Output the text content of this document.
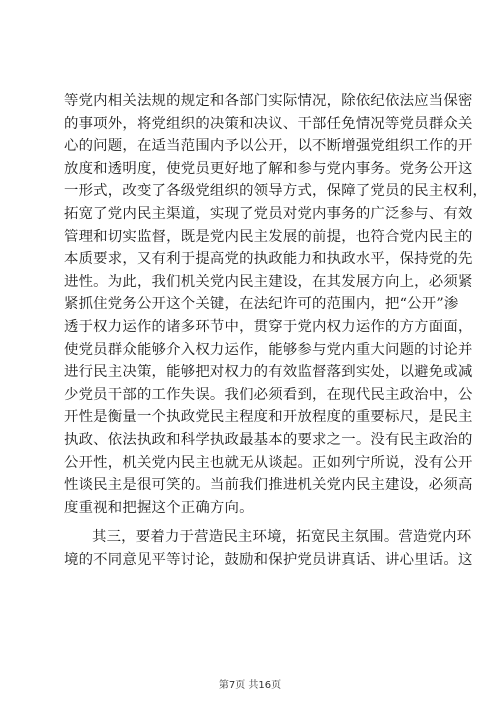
等党内相关法规的规定和各部门实际情况，除依纪依法应当保密
的事项外，将党组织的决策和决议、干部任免情况等党员群众关
心的问题，在适当范围内予以公开，以不断增强党组织工作的开
放度和透明度，使党员更好地了解和参与党内事务。党务公开这
一形式，改变了各级党组织的领导方式，保障了党员的民主权利，
拓宽了党内民主渠道，实现了党员对党内事务的广泛参与、有效
管理和切实监督，既是党内民主发展的前提，也符合党内民主的
本质要求，又有利于提高党的执政能力和执政水平，保持党的先
进性。为此，我们机关党内民主建设，在其发展方向上，必须紧
紧抓住党务公开这个关键，在法纪许可的范围内，把“公开”渗
透于权力运作的诸多环节中，贯穿于党内权力运作的方方面面，
使党员群众能够介入权力运作，能够参与党内重大问题的讨论并
进行民主决策，能够把对权力的有效监督落到实处，以避免或减
少党员干部的工作失误。我们必须看到，在现代民主政治中，公
开性是衡量一个执政党民主程度和开放程度的重要标尺，是民主
执政、依法执政和科学执政最基本的要求之一。没有民主政治的
公开性，机关党内民主也就无从谈起。正如列宁所说，没有公开
性谈民主是很可笑的。当前我们推进机关党内民主建设，必须高
度重视和把握这个正确方向。
其三，要着力于营造民主环境，拓宽民主氛围。营造党内环
境的不同意见平等讨论，鼓励和保护党员讲真话、讲心里话。这
第7页 共16页
